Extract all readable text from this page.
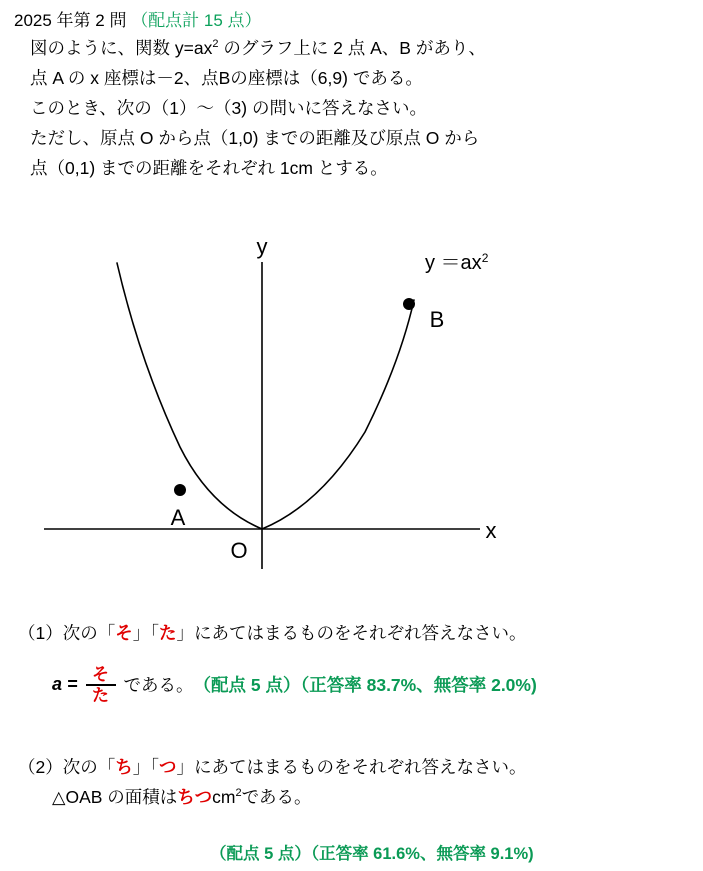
2025 年第 2 問 （配点計 15 点）
図のように、関数 $y=ax^2$ のグラフ上に 2 点 A、B があり、
点 A の x 座標は－2、点Bの座標は（6,9) である。
このとき、次の（1）〜（3) の問いに答えなさい。
ただし、原点 O から点（1,0) までの距離及び原点 O から
点（0,1) までの距離をそれぞれ 1cm とする。
y
x
O
A
B
$y =ax^2$
（1）次の「そ」「た」にあてはまるものをそれぞれ答えなさい。
$a = \frac{\text{そ}}{\text{た}}$ である。 （配点 5 点）（正答率 83.7%、無答率 2.0%)
（2）次の「ち」「つ」にあてはまるものをそれぞれ答えなさい。
△OAB の面積はちつ$cm^2$である。
（配点 5 点）（正答率 61.6%、無答率 9.1%)
